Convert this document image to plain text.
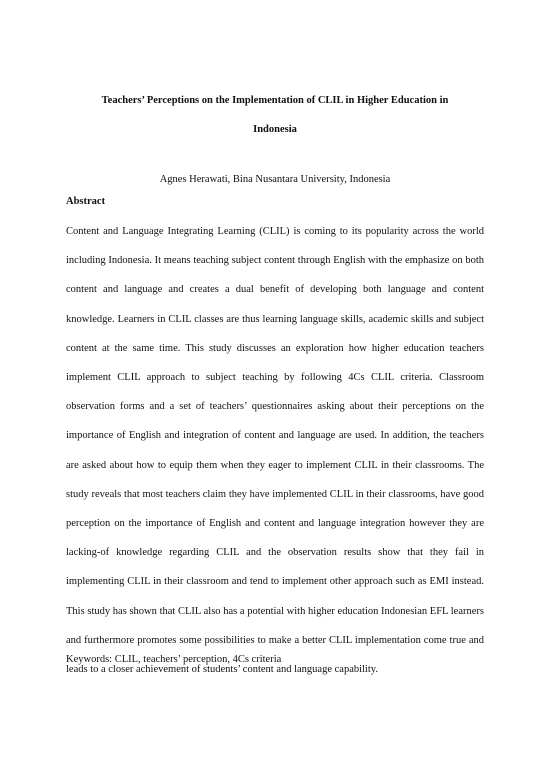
Teachers’ Perceptions on the Implementation of CLIL in Higher Education in

Indonesia

Agnes Herawati, Bina Nusantara University, Indonesia

Abstract

Content and Language Integrating Learning (CLIL) is coming to its popularity across the world including Indonesia. It means teaching subject content through English with the emphasize on both content and language and creates a dual benefit of developing both language and content knowledge. Learners in CLIL classes are thus learning language skills, academic skills and subject content at the same time. This study discusses an exploration how higher education teachers implement CLIL approach to subject teaching by following 4Cs CLIL criteria. Classroom observation forms and a set of teachers’ questionnaires asking about their perceptions on the importance of English and integration of content and language are used. In addition, the teachers are asked about how to equip them when they eager to implement CLIL in their classrooms. The study reveals that most teachers claim they have implemented CLIL in their classrooms, have good perception on the importance of English and content and language integration however they are lacking-of knowledge regarding CLIL and the observation results show that they fail in implementing CLIL in their classroom and tend to implement other approach such as EMI instead. This study has shown that CLIL also has a potential with higher education Indonesian EFL learners and furthermore promotes some possibilities to make a better CLIL implementation come true and leads to a closer achievement of students’ content and language capability.

Keywords: CLIL, teachers’ perception, 4Cs criteria
